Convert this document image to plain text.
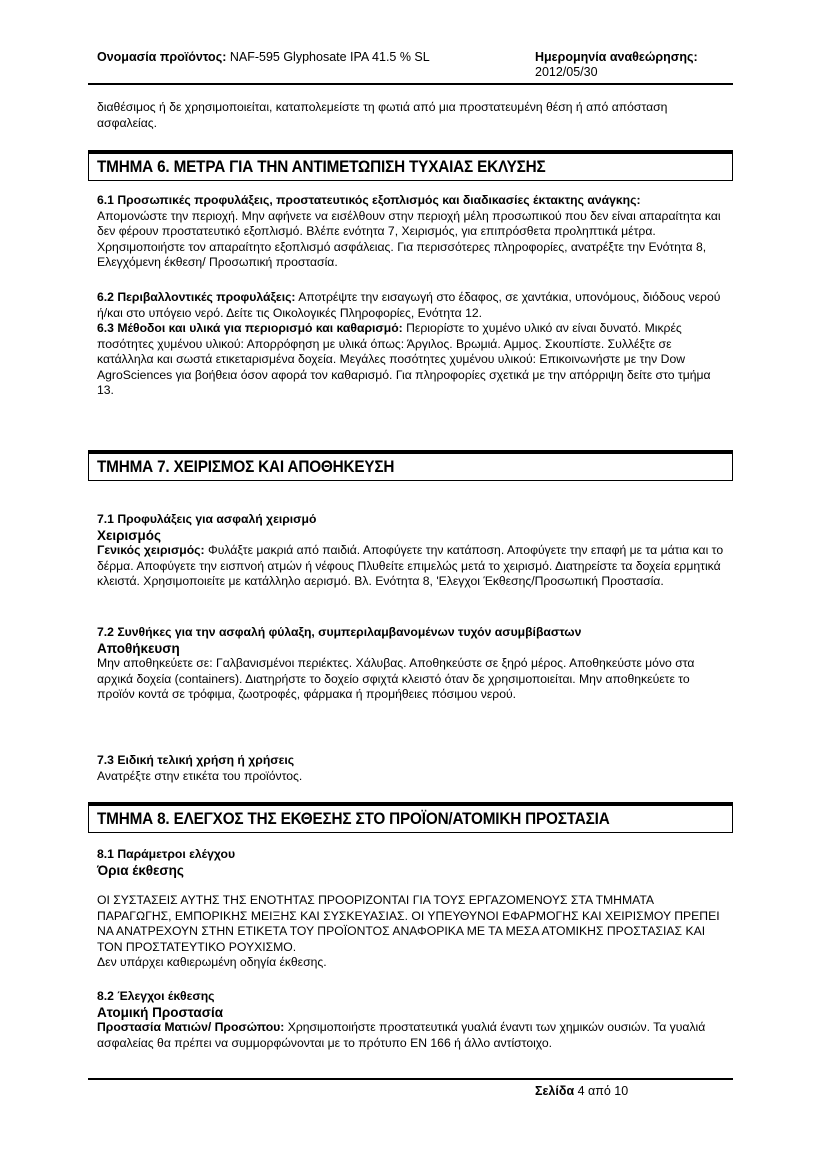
Ονομασία προϊόντος: NAF-595 Glyphosate IPA 41.5 % SL	Ημερομηνία αναθεώρησης:
2012/05/30
διαθέσιμος ή δε χρησιμοποιείται, καταπολεμείστε τη φωτιά από μια προστατευμένη θέση ή από απόσταση ασφαλείας.
ΤΜΗΜΑ 6. ΜΕΤΡΑ ΓΙΑ ΤΗΝ ΑΝΤΙΜΕΤΩΠΙΣΗ ΤΥΧΑΙΑΣ ΕΚΛΥΣΗΣ
6.1 Προσωπικές προφυλάξεις, προστατευτικός εξοπλισμός και διαδικασίες έκτακτης ανάγκης:
Απομονώστε την περιοχή. Μην αφήνετε να εισέλθουν στην περιοχή μέλη προσωπικού που δεν είναι απαραίτητα και δεν φέρουν προστατευτικό εξοπλισμό. Βλέπε ενότητα 7, Χειρισμός, για επιπρόσθετα προληπτικά μέτρα. Χρησιμοποιήστε τον απαραίτητο εξοπλισμό ασφάλειας. Για περισσότερες πληροφορίες, ανατρέξτε την Ενότητα 8, Ελεγχόμενη έκθεση/ Προσωπική προστασία.
6.2 Περιβαλλοντικές προφυλάξεις: Αποτρέψτε την εισαγωγή στο έδαφος, σε χαντάκια, υπονόμους, διόδους νερού ή/και στο υπόγειο νερό. Δείτε τις Οικολογικές Πληροφορίες, Ενότητα 12.
6.3 Μέθοδοι και υλικά για περιορισμό και καθαρισμό: Περιορίστε το χυμένο υλικό αν είναι δυνατό. Μικρές ποσότητες χυμένου υλικού: Απορρόφηση με υλικά όπως: Άργιλος. Βρωμιά. Αμμος. Σκουπίστε. Συλλέξτε σε κατάλληλα και σωστά ετικεταρισμένα δοχεία. Μεγάλες ποσότητες χυμένου υλικού: Επικοινωνήστε με την Dow AgroSciences για βοήθεια όσον αφορά τον καθαρισμό. Για πληροφορίες σχετικά με την απόρριψη δείτε στο τμήμα 13.
ΤΜΗΜΑ 7. ΧΕΙΡΙΣΜΟΣ ΚΑΙ ΑΠΟΘΗΚΕΥΣΗ
7.1 Προφυλάξεις για ασφαλή χειρισμό
Χειρισμός
Γενικός χειρισμός: Φυλάξτε μακριά από παιδιά. Αποφύγετε την κατάποση. Αποφύγετε την επαφή με τα μάτια και το δέρμα. Αποφύγετε την εισπνοή ατμών ή νέφους Πλυθείτε επιμελώς μετά το χειρισμό. Διατηρείστε τα δοχεία ερμητικά κλειστά. Χρησιμοποιείτε με κατάλληλο αερισμό. Βλ. Ενότητα 8, 'Ελεγχοι Έκθεσης/Προσωπική Προστασία.
7.2 Συνθήκες για την ασφαλή φύλαξη, συμπεριλαμβανομένων τυχόν ασυμβίβαστων
Αποθήκευση
Μην αποθηκεύετε σε: Γαλβανισμένοι περιέκτες. Χάλυβας. Αποθηκεύστε σε ξηρό μέρος. Αποθηκεύστε μόνο στα αρχικά δοχεία (containers). Διατηρήστε το δοχείο σφιχτά κλειστό όταν δε χρησιμοποιείται. Μην αποθηκεύετε το προϊόν κοντά σε τρόφιμα, ζωοτροφές, φάρμακα ή προμήθειες πόσιμου νερού.
7.3 Ειδική τελική χρήση ή χρήσεις
Ανατρέξτε στην ετικέτα του προϊόντος.
ΤΜΗΜΑ 8. ΕΛΕΓΧΟΣ ΤΗΣ ΕΚΘΕΣΗΣ ΣΤΟ ΠΡΟΪΟΝ/ΑΤΟΜΙΚΗ ΠΡΟΣΤΑΣΙΑ
8.1 Παράμετροι ελέγχου
Όρια έκθεσης
ΟΙ ΣΥΣΤΑΣΕΙΣ ΑΥΤΗΣ ΤΗΣ ΕΝΟΤΗΤΑΣ ΠΡΟΟΡΙΖΟΝΤΑΙ ΓΙΑ ΤΟΥΣ ΕΡΓΑΖΟΜΕΝΟΥΣ ΣΤΑ ΤΜΗΜΑΤΑ ΠΑΡΑΓΩΓΗΣ, ΕΜΠΟΡΙΚΗΣ ΜΕΙΞΗΣ ΚΑΙ ΣΥΣΚΕΥΑΣΙΑΣ. ΟΙ ΥΠΕΥΘΥΝΟΙ ΕΦΑΡΜΟΓΗΣ ΚΑΙ ΧΕΙΡΙΣΜΟΥ ΠΡΕΠΕΙ ΝΑ ΑΝΑΤΡΕΧΟΥΝ ΣΤΗΝ ΕΤΙΚΕΤΑ ΤΟΥ ΠΡΟΪΟΝΤΟΣ ΑΝΑΦΟΡΙΚΑ ΜΕ ΤΑ ΜΕΣΑ ΑΤΟΜΙΚΗΣ ΠΡΟΣΤΑΣΙΑΣ ΚΑΙ ΤΟΝ ΠΡΟΣΤΑΤΕΥΤΙΚΟ ΡΟΥΧΙΣΜΟ.
Δεν υπάρχει καθιερωμένη οδηγία έκθεσης.
8.2 Έλεγχοι έκθεσης
Ατομική Προστασία
Προστασία Ματιών/ Προσώπου: Χρησιμοποιήστε προστατευτικά γυαλιά έναντι των χημικών ουσιών. Τα γυαλιά ασφαλείας θα πρέπει να συμμορφώνονται με το πρότυπο EN 166 ή άλλο αντίστοιχο.
Σελίδα 4 από 10
